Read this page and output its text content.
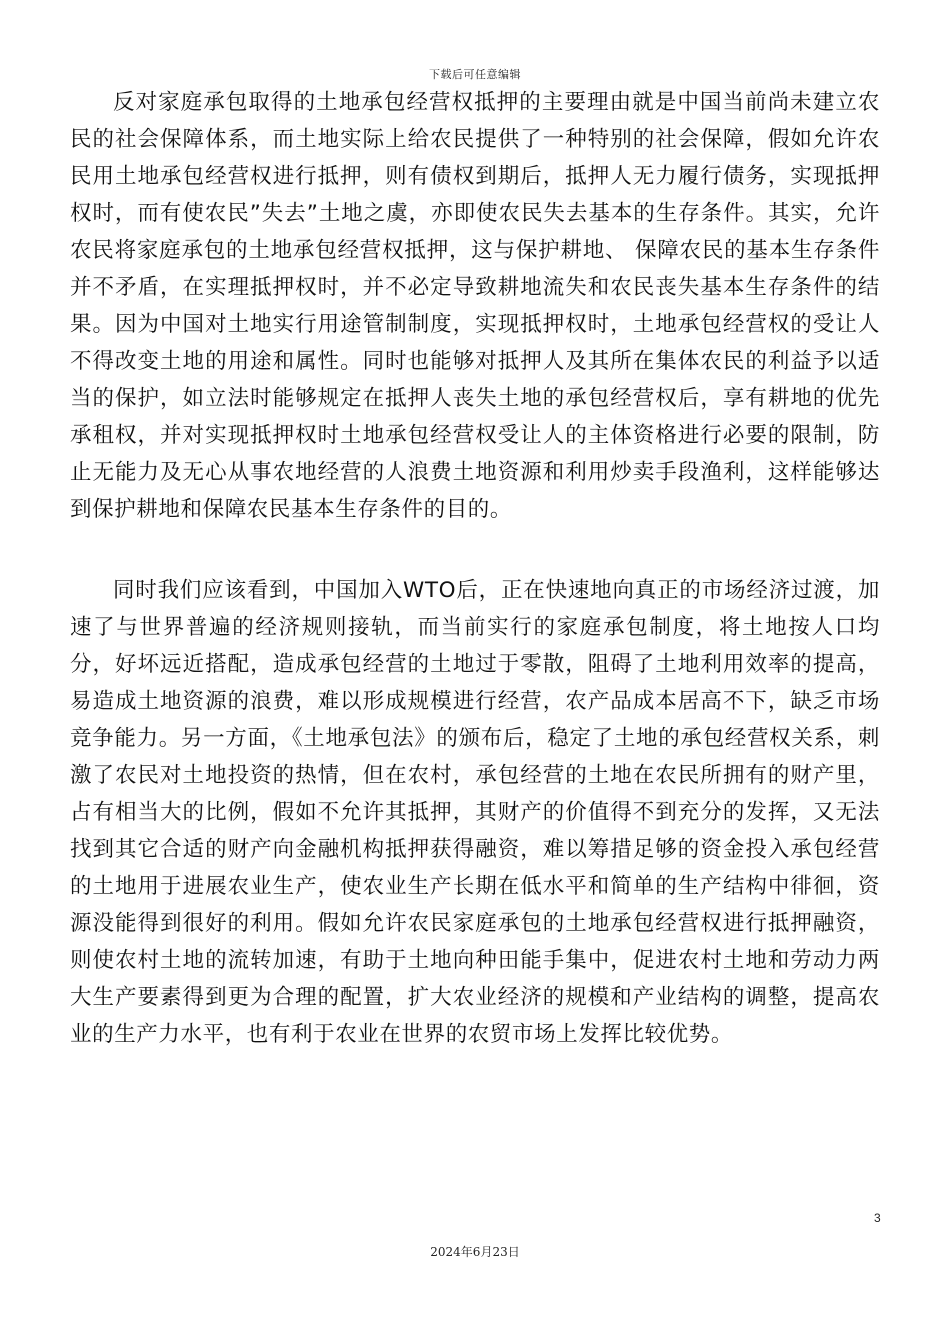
下载后可任意编辑

反对家庭承包取得的土地承包经营权抵押的主要理由就是中国当前尚未建立农民的社会保障体系，而土地实际上给农民提供了一种特别的社会保障，假如允许农民用土地承包经营权进行抵押，则有债权到期后，抵押人无力履行债务，实现抵押权时，而有使农民”失去”土地之虞，亦即使农民失去基本的生存条件。其实，允许农民将家庭承包的土地承包经营权抵押，这与保护耕地、 保障农民的基本生存条件并不矛盾，在实理抵押权时，并不必定导致耕地流失和农民丧失基本生存条件的结果。因为中国对土地实行用途管制制度，实现抵押权时，土地承包经营权的受让人不得改变土地的用途和属性。同时也能够对抵押人及其所在集体农民的利益予以适当的保护，如立法时能够规定在抵押人丧失土地的承包经营权后，享有耕地的优先承租权，并对实现抵押权时土地承包经营权受让人的主体资格进行必要的限制，防止无能力及无心从事农地经营的人浪费土地资源和利用炒卖手段渔利，这样能够达到保护耕地和保障农民基本生存条件的目的。

同时我们应该看到，中国加入WTO后，正在快速地向真正的市场经济过渡，加速了与世界普遍的经济规则接轨，而当前实行的家庭承包制度，将土地按人口均分，好坏远近搭配，造成承包经营的土地过于零散，阻碍了土地利用效率的提高，易造成土地资源的浪费，难以形成规模进行经营，农产品成本居高不下，缺乏市场竞争能力。另一方面，《土地承包法》的颁布后，稳定了土地的承包经营权关系，刺激了农民对土地投资的热情，但在农村，承包经营的土地在农民所拥有的财产里，占有相当大的比例，假如不允许其抵押，其财产的价值得不到充分的发挥，又无法找到其它合适的财产向金融机构抵押获得融资，难以筹措足够的资金投入承包经营的土地用于进展农业生产，使农业生产长期在低水平和简单的生产结构中徘徊，资源没能得到很好的利用。假如允许农民家庭承包的土地承包经营权进行抵押融资，则使农村土地的流转加速，有助于土地向种田能手集中，促进农村土地和劳动力两大生产要素得到更为合理的配置，扩大农业经济的规模和产业结构的调整，提高农业的生产力水平，也有利于农业在世界的农贸市场上发挥比较优势。

3
2024年6月23日
